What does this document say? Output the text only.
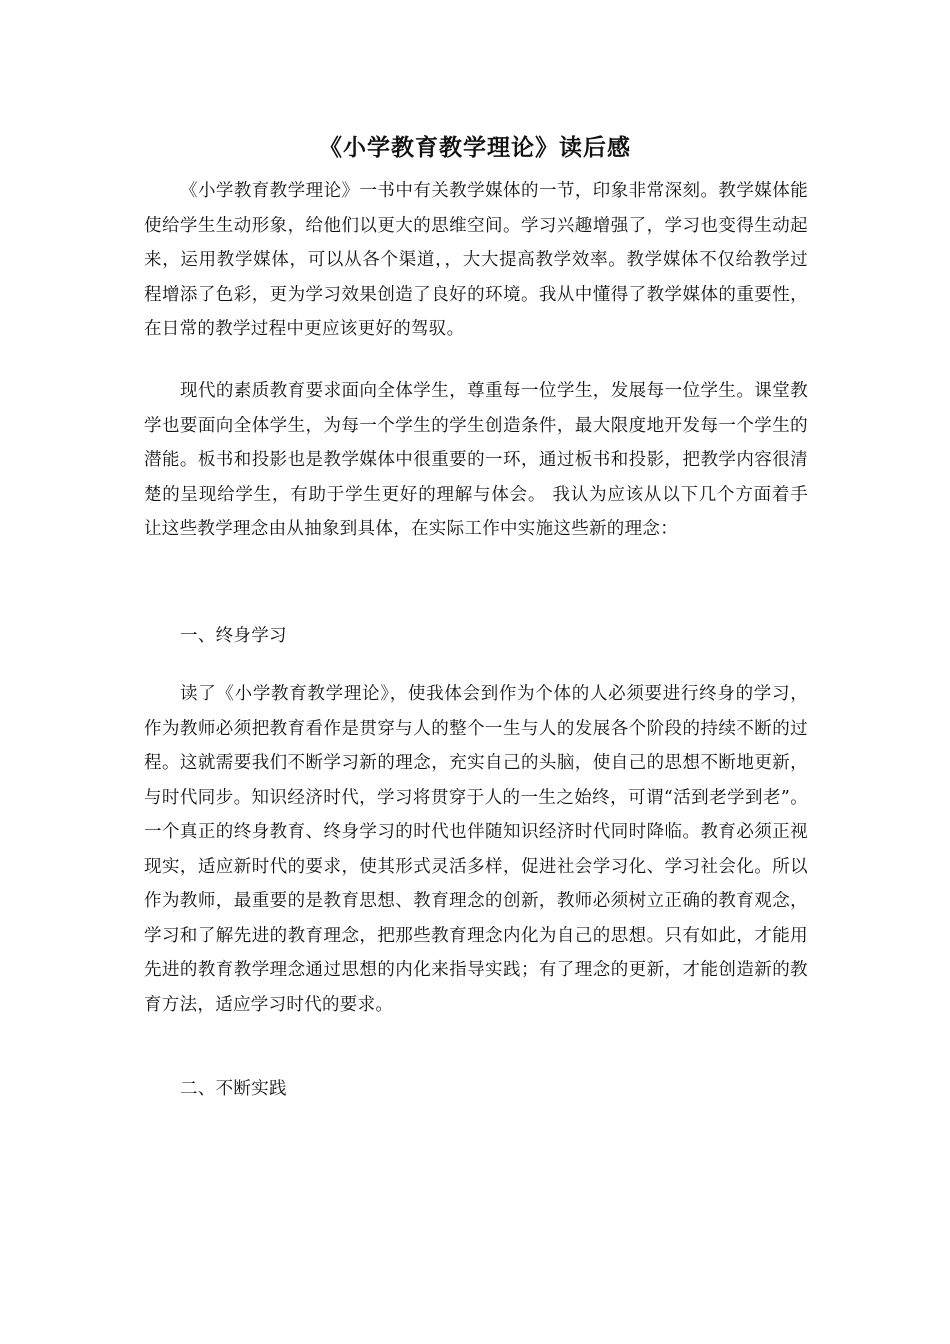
《小学教育教学理论》读后感

《小学教育教学理论》一书中有关教学媒体的一节，印象非常深刻。教学媒体能使给学生生动形象，给他们以更大的思维空间。学习兴趣增强了，学习也变得生动起来，运用教学媒体，可以从各个渠道，，大大提高教学效率。教学媒体不仅给教学过程增添了色彩，更为学习效果创造了良好的环境。我从中懂得了教学媒体的重要性，在日常的教学过程中更应该更好的驾驭。

现代的素质教育要求面向全体学生，尊重每一位学生，发展每一位学生。课堂教学也要面向全体学生，为每一个学生的学生创造条件，最大限度地开发每一个学生的潜能。板书和投影也是教学媒体中很重要的一环，通过板书和投影，把教学内容很清楚的呈现给学生，有助于学生更好的理解与体会。 我认为应该从以下几个方面着手让这些教学理念由从抽象到具体，在实际工作中实施这些新的理念：

一、终身学习

读了《小学教育教学理论》，使我体会到作为个体的人必须要进行终身的学习，作为教师必须把教育看作是贯穿与人的整个一生与人的发展各个阶段的持续不断的过程。这就需要我们不断学习新的理念，充实自己的头脑，使自己的思想不断地更新，与时代同步。知识经济时代，学习将贯穿于人的一生之始终，可谓“活到老学到老”。一个真正的终身教育、终身学习的时代也伴随知识经济时代同时降临。教育必须正视现实，适应新时代的要求，使其形式灵活多样，促进社会学习化、学习社会化。所以作为教师，最重要的是教育思想、教育理念的创新，教师必须树立正确的教育观念，学习和了解先进的教育理念，把那些教育理念内化为自己的思想。只有如此，才能用先进的教育教学理念通过思想的内化来指导实践；有了理念的更新，才能创造新的教育方法，适应学习时代的要求。

二、不断实践
